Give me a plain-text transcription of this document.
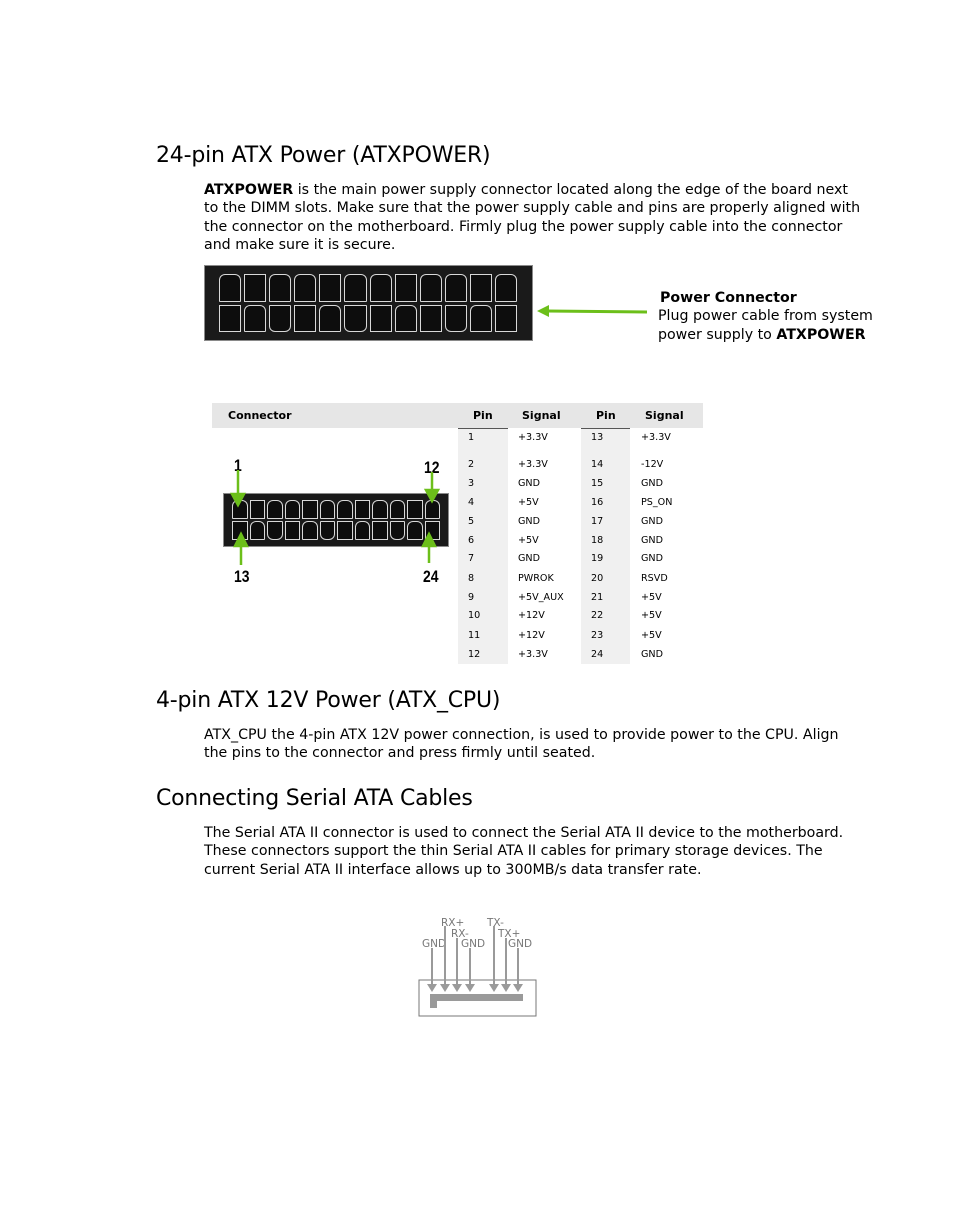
24-pin ATX Power (ATXPOWER)
ATXPOWER is the main power supply connector located along the edge of the board next to the DIMM slots. Make sure that the power supply cable and pins are properly aligned with the connector on the motherboard. Firmly plug the power supply cable into the connector and make sure it is secure.
Power Connector
Plug power cable from system
power supply to ATXPOWER
Connector	Pin	Signal	Pin	Signal
1	+3.3V	13	+3.3V
2	+3.3V	14	-12V
3	GND	15	GND
4	+5V	16	PS_ON
5	GND	17	GND
6	+5V	18	GND
7	GND	19	GND
8	PWROK	20	RSVD
9	+5V_AUX	21	+5V
10	+12V	22	+5V
11	+12V	23	+5V
12	+3.3V	24	GND
1	12
13	24
4-pin ATX 12V Power (ATX_CPU)
ATX_CPU the 4-pin ATX 12V power connection, is used to provide power to the CPU. Align the pins to the connector and press firmly until seated.
Connecting Serial ATA Cables
The Serial ATA II connector is used to connect the Serial ATA II device to the motherboard. These connectors support the thin Serial ATA II cables for primary storage devices. The current Serial ATA II interface allows up to 300MB/s data transfer rate.
RX+
RX-
TX-
TX+
GND GND GND
